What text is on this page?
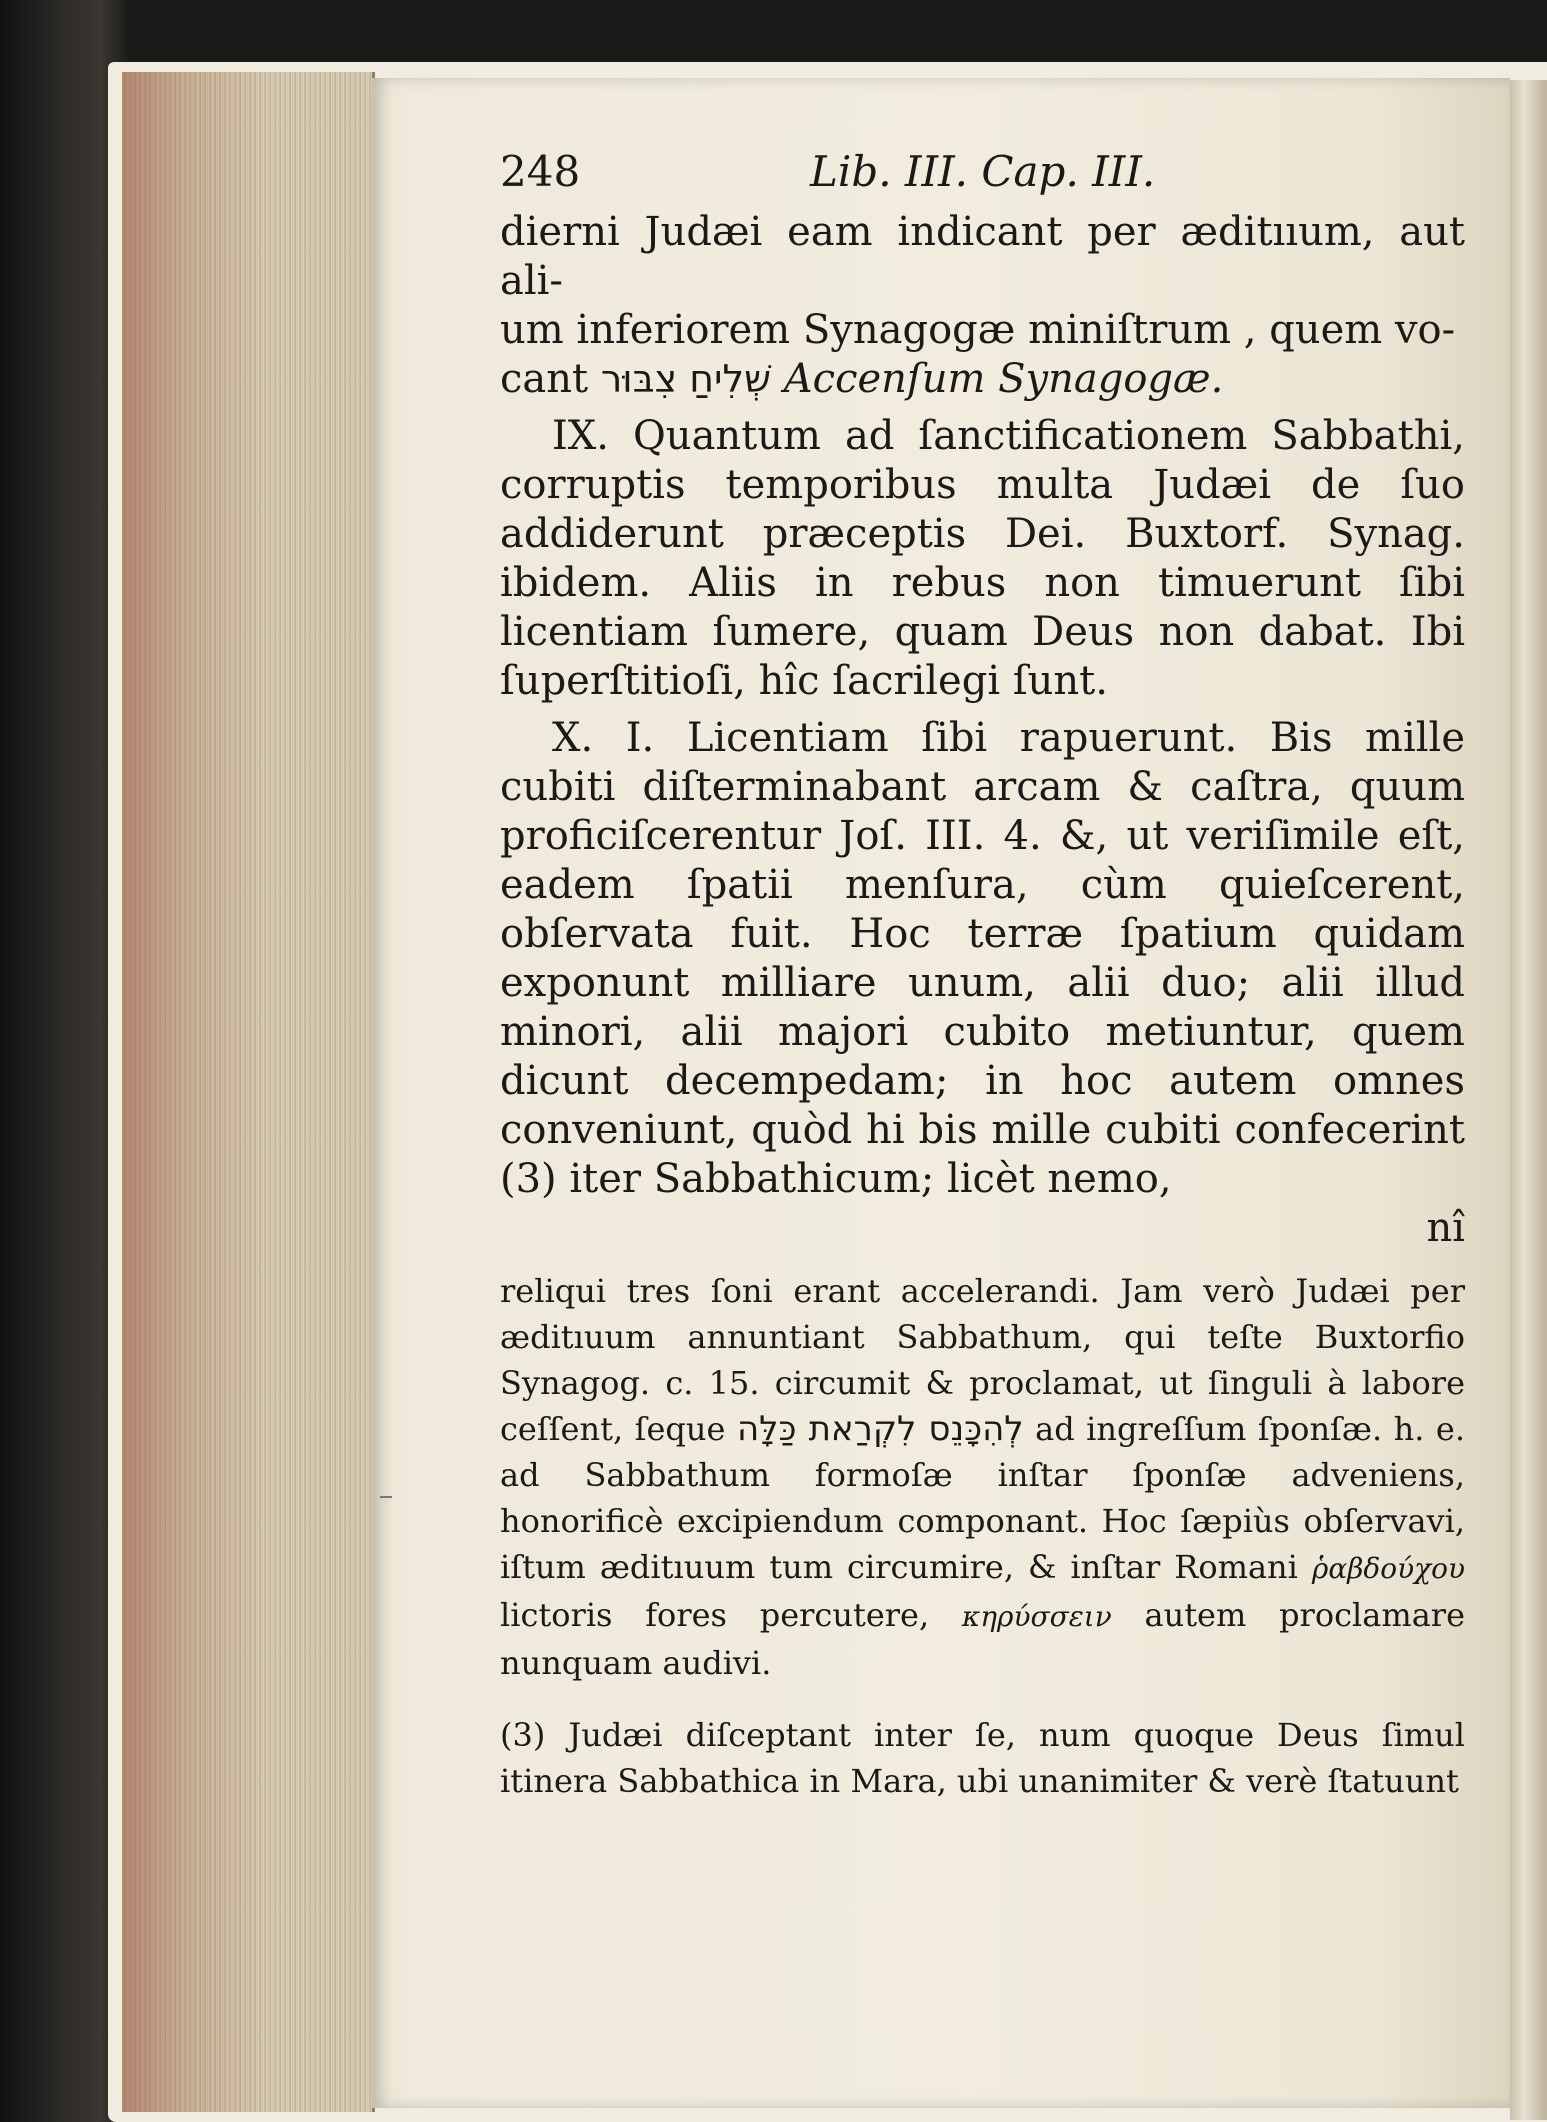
248	Lib. III. Cap. III.

dierni Judæi eam indicant per æditııum, aut ali-

um inferiorem Synagogæ miniſtrum , quem vo-

cant שְׁלִיחַ צִבּוּר Accenſum Synagogæ.

IX. Quantum ad ſanctificationem Sabbathi, corruptis temporibus multa Judæi de ſuo addiderunt præceptis Dei. Buxtorf. Synag. ibidem. Aliis in rebus non timuerunt ſibi licentiam ſumere, quam Deus non dabat. Ibi ſuperſtitioſi, hîc ſacrilegi ſunt.

X. I. Licentiam ſibi rapuerunt. Bis mille cubiti diſterminabant arcam & caſtra, quum proficiſcerentur Joſ. III. 4. &, ut veriſimile eſt, eadem ſpatii menſura, cùm quieſcerent, obſervata fuit. Hoc terræ ſpatium quidam exponunt milliare unum, alii duo; alii illud minori, alii majori cubito metiuntur, quem dicunt decempedam; in hoc autem omnes conveniunt, quòd hi bis mille cubiti confecerint (3) iter Sabbathicum; licèt nemo,

nî

reliqui tres ſoni erant accelerandi. Jam verò Judæi per æditıuum annuntiant Sabbathum, qui teſte Buxtorfio Synagog. c. 15. circumit & proclamat, ut ſinguli à labore ceſſent, ſeque לְהִכָּנֵס לִקְרַאת כַּלָּה ad ingreſſum ſponſæ. h. e. ad Sabbathum formoſæ inſtar ſponſæ adveniens, honorificè excipiendum componant. Hoc ſæpiùs obſervavi, iſtum æditıuum tum circumire, & inſtar Romani ῥαβδούχου lictoris fores percutere, κηρύσσειν autem proclamare nunquam audivi.

(3) Judæi diſceptant inter ſe, num quoque Deus ſimul itinera Sabbathica in Mara, ubi unanimiter & verè ſtatuunt
